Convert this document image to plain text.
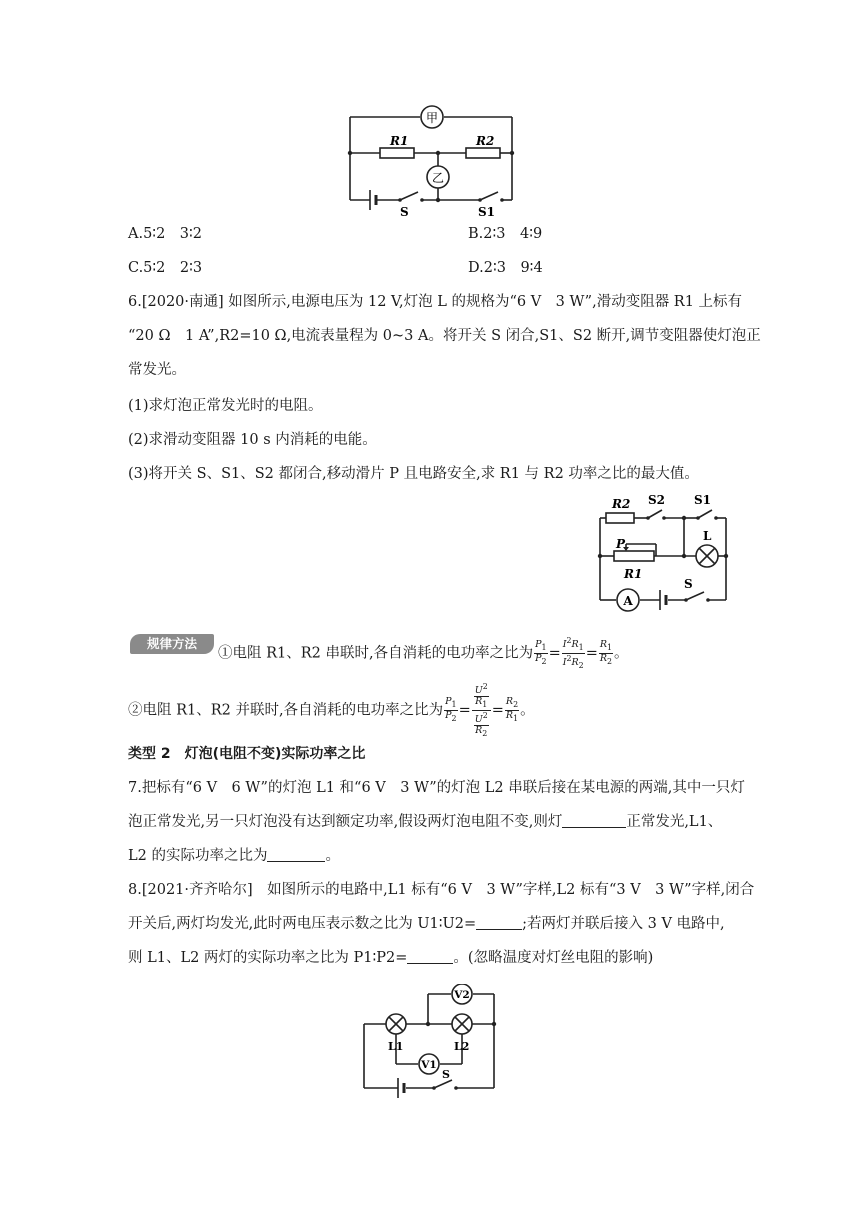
甲
乙
R1	R2
S	S1
A.5∶2　3∶2	B.2∶3　4∶9
C.5∶2　2∶3	D.2∶3　9∶4
6.[2020·南通] 如图所示,电源电压为 12 V,灯泡 L 的规格为“6 V　3 W”,滑动变阻器 R1 上标有
“20 Ω　1 A”,R2=10 Ω,电流表量程为 0~3 A。将开关 S 闭合,S1、S2 断开,调节变阻器使灯泡正
常发光。
(1)求灯泡正常发光时的电阻。
(2)求滑动变阻器 10 s 内消耗的电能。
(3)将开关 S、S1、S2 都闭合,移动滑片 P 且电路安全,求 R1 与 R2 功率之比的最大值。
A
R2 S2 S1
P
R1
L
S
规律方法
①电阻 R1、R2 串联时,各自消耗的电功率之比为 $\frac{P_1}{P_2} = \frac{I^2R_1}{I^2R_2} = \frac{R_1}{R_2}$ 。
②电阻 R1、R2 并联时,各自消耗的电功率之比为 $\frac{P_1}{P_2} = \frac{\frac{U^2}{R_1}}{\frac{U^2}{R_2}} = \frac{R_2}{R_1}$ 。
类型 2　灯泡(电阻不变)实际功率之比
7.把标有“6 V　6 W”的灯泡 L1 和“6 V　3 W”的灯泡 L2 串联后接在某电源的两端,其中一只灯
泡正常发光,另一只灯泡没有达到额定功率,假设两灯泡电阻不变,则灯	正常发光,L1、
L2 的实际功率之比为	。
8.[2021·齐齐哈尔]　如图所示的电路中,L1 标有“6 V　3 W”字样,L2 标有“3 V　3 W”字样,闭合
开关后,两灯均发光,此时两电压表示数之比为 U1∶U2=	;若两灯并联后接入 3 V 电路中,
则 L1、L2 两灯的实际功率之比为 P1∶P2=	。(忽略温度对灯丝电阻的影响)
V2
V1
L1	L2
S
